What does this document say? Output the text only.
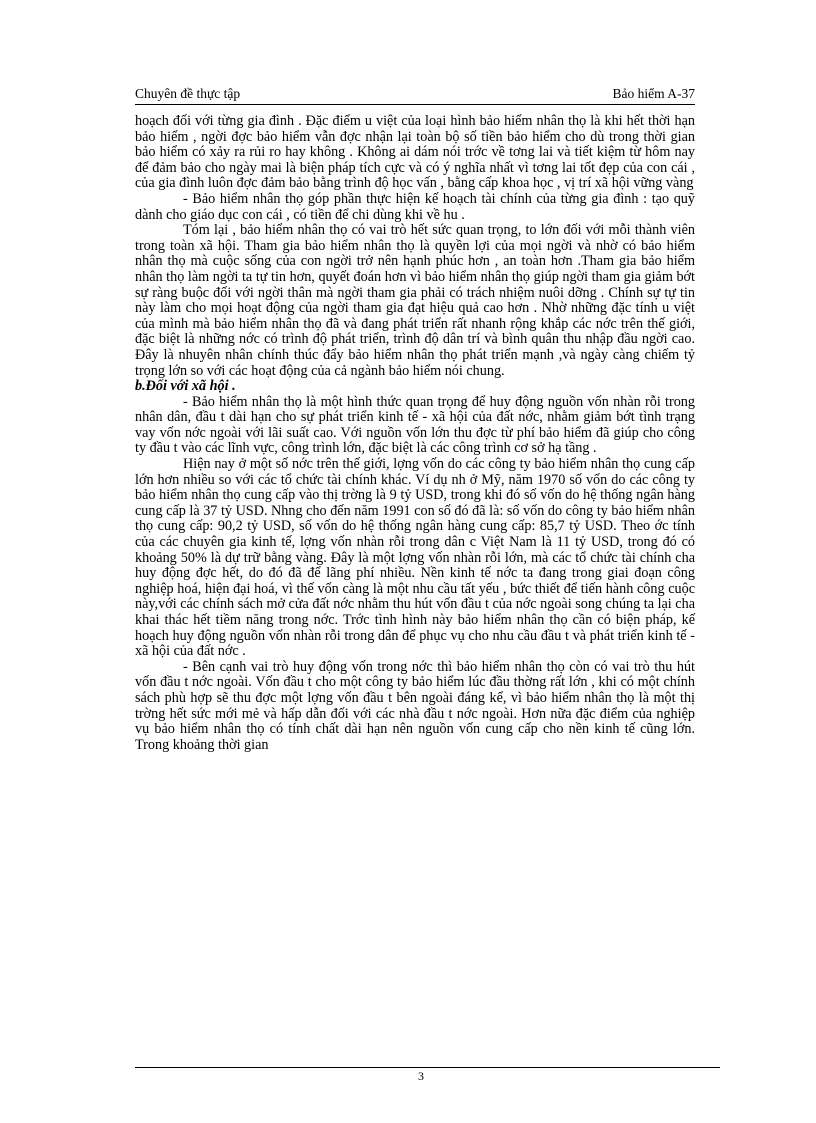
Chuyên đề thực tập	Bảo hiểm A-37

hoạch đối với từng gia đình . Đặc điểm u việt của loại hình bảo hiểm nhân thọ là khi hết thời hạn bảo hiểm , ngời đợc bảo hiểm vẫn đợc nhận lại toàn bộ số tiền bảo hiểm cho dù trong thời gian bảo hiểm có xảy ra rủi ro hay không . Không ai dám nói trớc về tơng lai và tiết kiệm từ hôm nay để đảm bảo cho ngày mai là biện pháp tích cực và có ý nghĩa nhất vì tơng lai tốt đẹp của con cái , của gia đình luôn đợc đảm bảo bằng trình độ học vấn , bằng cấp khoa học , vị trí xã hội vững vàng

- Bảo hiểm nhân thọ góp phần thực hiện kế hoạch tài chính của từng gia đình : tạo quỹ dành cho giáo dục con cái , có tiền để chi dùng khi về hu .

Tóm lại , bảo hiểm nhân thọ có vai trò hết sức quan trọng, to lớn đối với mỗi thành viên trong toàn xã hội. Tham gia bảo hiểm nhân thọ là quyền lợi của mọi ngời và nhờ có bảo hiểm nhân thọ mà cuộc sống của con ngời trở nên hạnh phúc hơn , an toàn hơn .Tham gia bảo hiểm nhân thọ làm ngời ta tự tin hơn, quyết đoán hơn vì bảo hiểm nhân thọ giúp ngời tham gia giảm bớt sự ràng buộc đối với ngời thân mà ngời tham gia phải có trách nhiệm nuôi dỡng . Chính sự tự tin này làm cho mọi hoạt động của ngời tham gia đạt hiệu quả cao hơn . Nhờ những đặc tính u việt của mình mà bảo hiểm nhân thọ đã và đang phát triển rất nhanh rộng khắp các nớc trên thế giới, đặc biệt là những nớc có trình độ phát triển, trình độ dân trí và bình quân thu nhập đầu ngời cao. Đây là nhuyên nhân chính thúc đẩy bảo hiểm nhân thọ phát triển mạnh ,và ngày càng chiếm tỷ trọng lớn so với các hoạt động của cả ngành bảo hiểm nói chung.

b.Đối với xã hội .

- Bảo hiểm nhân thọ là một hình thức quan trọng để huy động nguồn vốn nhàn rỗi trong nhân dân, đầu t dài hạn cho sự phát triển kinh tế - xã hội của đất nớc, nhằm giảm bớt tình trạng vay vốn nớc ngoài với lãi suất cao. Với nguồn vốn lớn thu đợc từ phí bảo hiểm đã giúp cho công ty đầu t vào các lĩnh vực, công trình lớn, đặc biệt là các công trình cơ sở hạ tầng .

Hiện nay ở một số nớc trên thế giới, lợng vốn do các công ty bảo hiểm nhân thọ cung cấp lớn hơn nhiều so với các tổ chức tài chính khác. Ví dụ nh ở Mỹ, năm 1970 số vốn do các công ty bảo hiểm nhân thọ cung cấp vào thị trờng là 9 tỷ USD, trong khi đó số vốn do hệ thống ngân hàng cung cấp là 37 tỷ USD. Nhng cho đến năm 1991 con số đó đã là: số vốn do công ty bảo hiểm nhân thọ cung cấp: 90,2 tỷ USD, số vốn do hệ thống ngân hàng cung cấp: 85,7 tỷ USD. Theo ớc tính của các chuyên gia kinh tế, lợng vốn nhàn rỗi trong dân c Việt Nam là 11 tỷ USD, trong đó có khoảng 50% là dự trữ bằng vàng. Đây là một lợng vốn nhàn rỗi lớn, mà các tổ chức tài chính cha huy động đợc hết, do đó đã để lãng phí nhiều. Nền kinh tế nớc ta đang trong giai đoạn công nghiệp hoá, hiện đại hoá, vì thế vốn càng là một nhu cầu tất yếu , bức thiết để tiến hành công cuộc này,với các chính sách mở cửa đất nớc nhằm thu hút vốn đầu t của nớc ngoài song chúng ta lại cha khai thác hết tiềm năng trong nớc. Trớc tình hình này bảo hiểm nhân thọ cần có biện pháp, kế hoạch huy động nguồn vốn nhàn rỗi trong dân để phục vụ cho nhu cầu đầu t và phát triển kinh tế - xã hội của đất nớc .

- Bên cạnh vai trò huy động vốn trong nớc thì bảo hiểm nhân thọ còn có vai trò thu hút vốn đầu t nớc ngoài. Vốn đầu t cho một công ty bảo hiểm lúc đầu thờng rất lớn , khi có một chính sách phù hợp sẽ thu đợc một lợng vốn đầu t bên ngoài đáng kể, vì bảo hiểm nhân thọ là một thị trờng hết sức mới mẻ và hấp dẫn đối với các nhà đầu t nớc ngoài. Hơn nữa đặc điểm của nghiệp vụ bảo hiểm nhân thọ có tính chất dài hạn nên nguồn vốn cung cấp cho nền kinh tế cũng lớn. Trong khoảng thời gian

3
